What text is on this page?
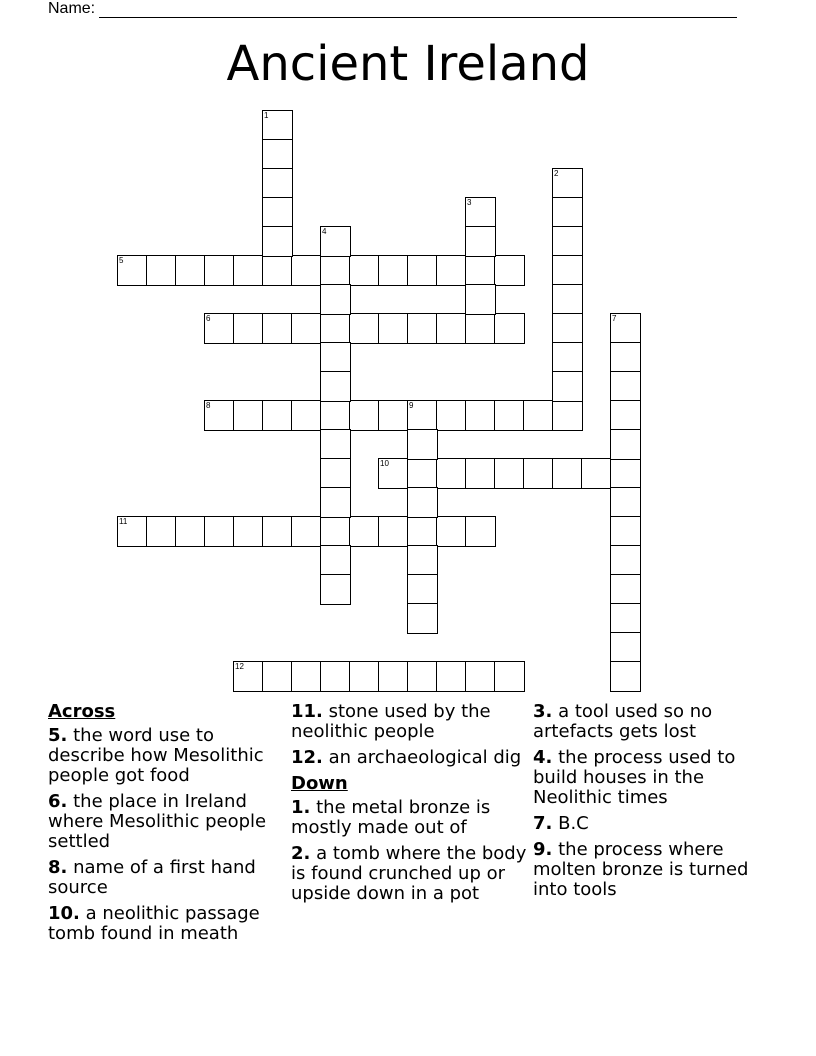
Name:
Ancient Ireland
5
6
8	9
10
11
12
1
2
3
4
7
Across
5. the word use to describe how Mesolithic people got food
6. the place in Ireland where Mesolithic people settled
8. name of a first hand source
10. a neolithic passage tomb found in meath
11. stone used by the neolithic people
12. an archaeological dig
Down
1. the metal bronze is mostly made out of
2. a tomb where the body is found crunched up or upside down in a pot
3. a tool used so no artefacts gets lost
4. the process used to build houses in the Neolithic times
7. B.C
9. the process where molten bronze is turned into tools
